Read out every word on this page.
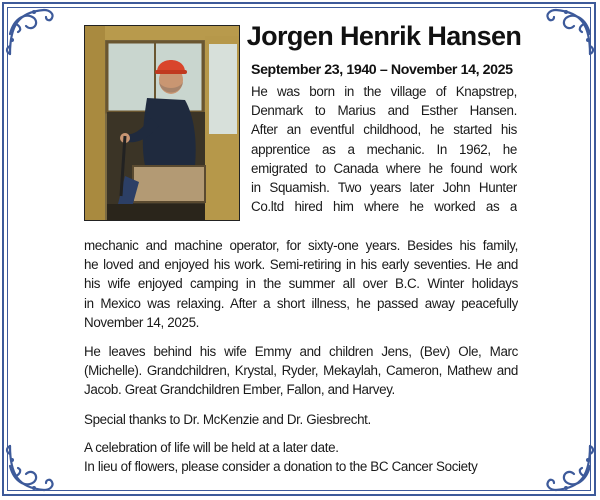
Jorgen Henrik Hansen
September 23, 1940 – November 14, 2025
He was born in the village of Knapstrep,
Denmark to Marius and Esther Hansen.
After an eventful childhood, he started his
apprentice as a mechanic. In 1962, he
emigrated to Canada where he found work
in Squamish. Two years later John Hunter
Co.ltd hired him where he worked as a
mechanic and machine operator, for sixty-one years. Besides his family,
he loved and enjoyed his work. Semi-retiring in his early seventies. He and
his wife enjoyed camping in the summer all over B.C. Winter holidays
in Mexico was relaxing. After a short illness, he passed away peacefully
November 14, 2025.
He leaves behind his wife Emmy and children Jens, (Bev) Ole, Marc
(Michelle). Grandchildren, Krystal, Ryder, Mekaylah, Cameron, Mathew and
Jacob. Great Grandchildren Ember, Fallon, and Harvey.
Special thanks to Dr. McKenzie and Dr. Giesbrecht.
A celebration of life will be held at a later date.
In lieu of flowers, please consider a donation to the BC Cancer Society
